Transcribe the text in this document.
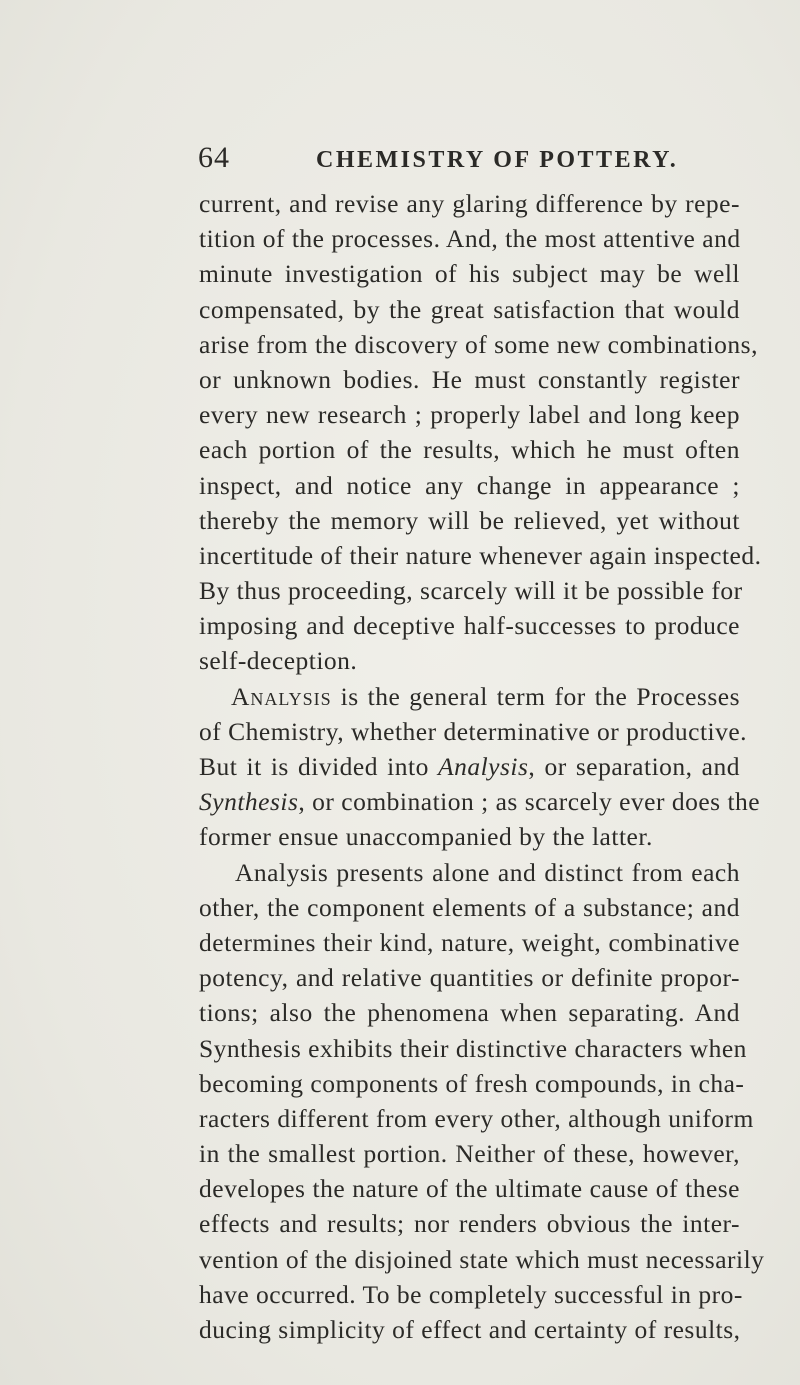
64	CHEMISTRY OF POTTERY.
current, and revise any glaring difference by repe-
tition of the processes. And, the most attentive and
minute investigation of his subject may be well
compensated, by the great satisfaction that would
arise from the discovery of some new combinations,
or unknown bodies. He must constantly register
every new research ; properly label and long keep
each portion of the results, which he must often
inspect, and notice any change in appearance ;
thereby the memory will be relieved, yet without
incertitude of their nature whenever again inspected.
By thus proceeding, scarcely will it be possible for
imposing and deceptive half-successes to produce
self-deception.
Analysis is the general term for the Processes
of Chemistry, whether determinative or productive.
But it is divided into Analysis, or separation, and
Synthesis, or combination ; as scarcely ever does the
former ensue unaccompanied by the latter.
Analysis presents alone and distinct from each
other, the component elements of a substance; and
determines their kind, nature, weight, combinative
potency, and relative quantities or definite propor-
tions; also the phenomena when separating. And
Synthesis exhibits their distinctive characters when
becoming components of fresh compounds, in cha-
racters different from every other, although uniform
in the smallest portion. Neither of these, however,
developes the nature of the ultimate cause of these
effects and results; nor renders obvious the inter-
vention of the disjoined state which must necessarily
have occurred. To be completely successful in pro-
ducing simplicity of effect and certainty of results,
